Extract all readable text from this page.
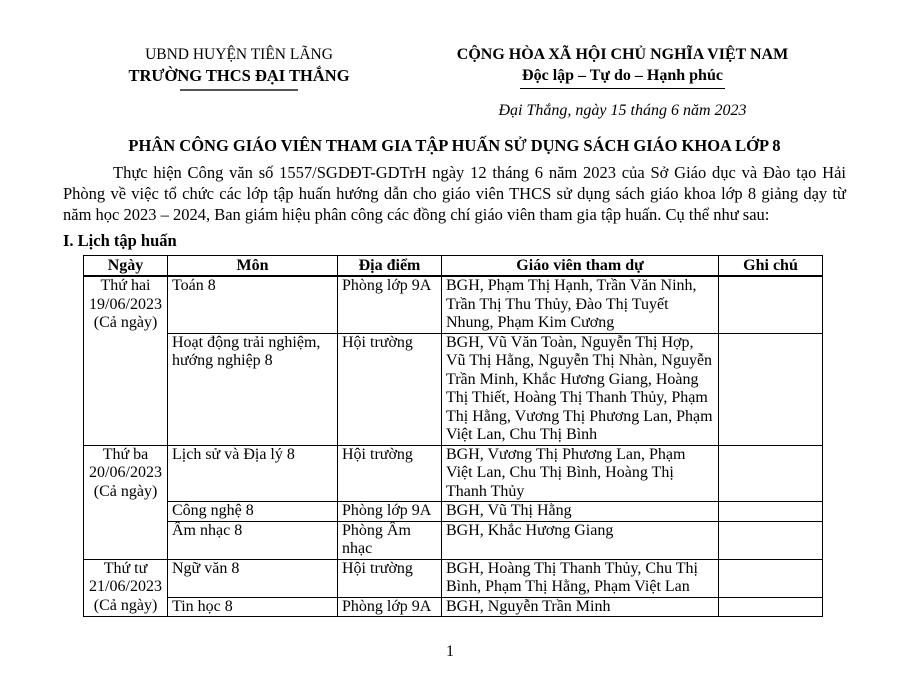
UBND HUYỆN TIÊN LÃNG
TRƯỜNG THCS ĐẠI THẮNG
CỘNG HÒA XÃ HỘI CHỦ NGHĨA VIỆT NAM
Độc lập – Tự do – Hạnh phúc
Đại Thắng, ngày 15 tháng 6 năm 2023
PHÂN CÔNG GIÁO VIÊN THAM GIA TẬP HUẤN SỬ DỤNG SÁCH GIÁO KHOA LỚP 8
Thực hiện Công văn số 1557/SGDĐT-GDTrH ngày 12 tháng 6 năm 2023 của Sở Giáo dục và Đào tạo Hải Phòng về việc tổ chức các lớp tập huấn hướng dẫn cho giáo viên THCS sử dụng sách giáo khoa lớp 8 giảng dạy từ năm học 2023 – 2024, Ban giám hiệu phân công các đồng chí giáo viên tham gia tập huấn. Cụ thể như sau:
I. Lịch tập huấn
Ngày	Môn	Địa điểm	Giáo viên tham dự	Ghi chú

Thứ hai
19/06/2023
(Cả ngày)	Toán 8	Phòng lớp 9A	BGH, Phạm Thị Hạnh, Trần Văn Ninh, Trần Thị Thu Thủy, Đào Thị Tuyết Nhung, Phạm Kim Cương	
	Hoạt động trải nghiệm, hướng nghiệp 8	Hội trường	BGH, Vũ Văn Toàn, Nguyễn Thị Hợp, Vũ Thị Hằng, Nguyễn Thị Nhàn, Nguyễn Trần Minh, Khắc Hương Giang, Hoàng Thị Thiết, Hoàng Thị Thanh Thủy, Phạm Thị Hằng, Vương Thị Phương Lan, Phạm Việt Lan, Chu Thị Bình	

Thứ ba
20/06/2023
(Cả ngày)	Lịch sử và Địa lý 8	Hội trường	BGH, Vương Thị Phương Lan, Phạm Việt Lan, Chu Thị Bình, Hoàng Thị Thanh Thủy	
	Công nghệ 8	Phòng lớp 9A	BGH, Vũ Thị Hằng	
	Âm nhạc 8	Phòng Âm nhạc	BGH, Khắc Hương Giang	

Thứ tư
21/06/2023
(Cả ngày)	Ngữ văn 8	Hội trường	BGH, Hoàng Thị Thanh Thủy, Chu Thị Bình, Phạm Thị Hằng, Phạm Việt Lan	
	Tin học 8	Phòng lớp 9A	BGH, Nguyễn Trần Minh	
1
